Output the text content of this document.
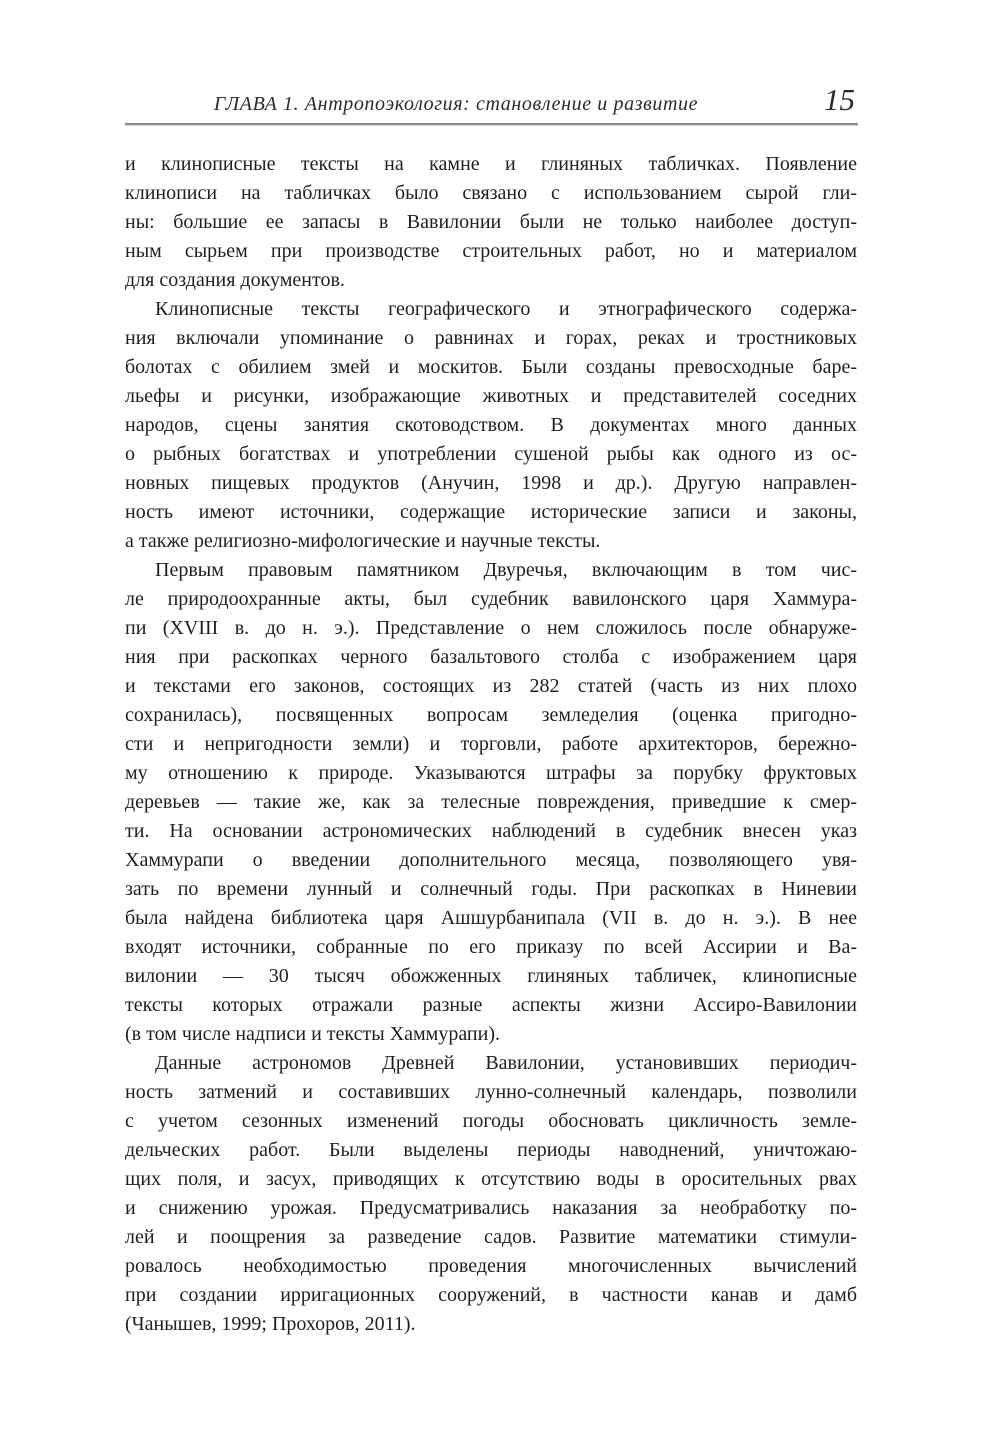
ГЛАВА 1. Антропоэкология: становление и развитие	15
и клинописные тексты на камне и глиняных табличках. Появление
клинописи на табличках было связано с использованием сырой гли-
ны: большие ее запасы в Вавилонии были не только наиболее доступ-
ным сырьем при производстве строительных работ, но и материалом
для создания документов.
Клинописные тексты географического и этнографического содержа-
ния включали упоминание о равнинах и горах, реках и тростниковых
болотах с обилием змей и москитов. Были созданы превосходные баре-
льефы и рисунки, изображающие животных и представителей соседних
народов, сцены занятия скотоводством. В документах много данных
о рыбных богатствах и употреблении сушеной рыбы как одного из ос-
новных пищевых продуктов (Анучин, 1998 и др.). Другую направлен-
ность имеют источники, содержащие исторические записи и законы,
а также религиозно-мифологические и научные тексты.
Первым правовым памятником Двуречья, включающим в том чис-
ле природоохранные акты, был судебник вавилонского царя Хаммура-
пи (XVIII в. до н. э.). Представление о нем сложилось после обнаруже-
ния при раскопках черного базальтового столба с изображением царя
и текстами его законов, состоящих из 282 статей (часть из них плохо
сохранилась), посвященных вопросам земледелия (оценка пригодно-
сти и непригодности земли) и торговли, работе архитекторов, бережно-
му отношению к природе. Указываются штрафы за порубку фруктовых
деревьев — такие же, как за телесные повреждения, приведшие к смер-
ти. На основании астрономических наблюдений в судебник внесен указ
Хаммурапи о введении дополнительного месяца, позволяющего увя-
зать по времени лунный и солнечный годы. При раскопках в Ниневии
была найдена библиотека царя Ашшурбанипала (VII в. до н. э.). В нее
входят источники, собранные по его приказу по всей Ассирии и Ва-
вилонии — 30 тысяч обожженных глиняных табличек, клинописные
тексты которых отражали разные аспекты жизни Ассиро-Вавилонии
(в том числе надписи и тексты Хаммурапи).
Данные астрономов Древней Вавилонии, установивших периодич-
ность затмений и составивших лунно-солнечный календарь, позволили
с учетом сезонных изменений погоды обосновать цикличность земле-
дельческих работ. Были выделены периоды наводнений, уничтожаю-
щих поля, и засух, приводящих к отсутствию воды в оросительных рвах
и снижению урожая. Предусматривались наказания за необработку по-
лей и поощрения за разведение садов. Развитие математики стимули-
ровалось необходимостью проведения многочисленных вычислений
при создании ирригационных сооружений, в частности канав и дамб
(Чанышев, 1999; Прохоров, 2011).
